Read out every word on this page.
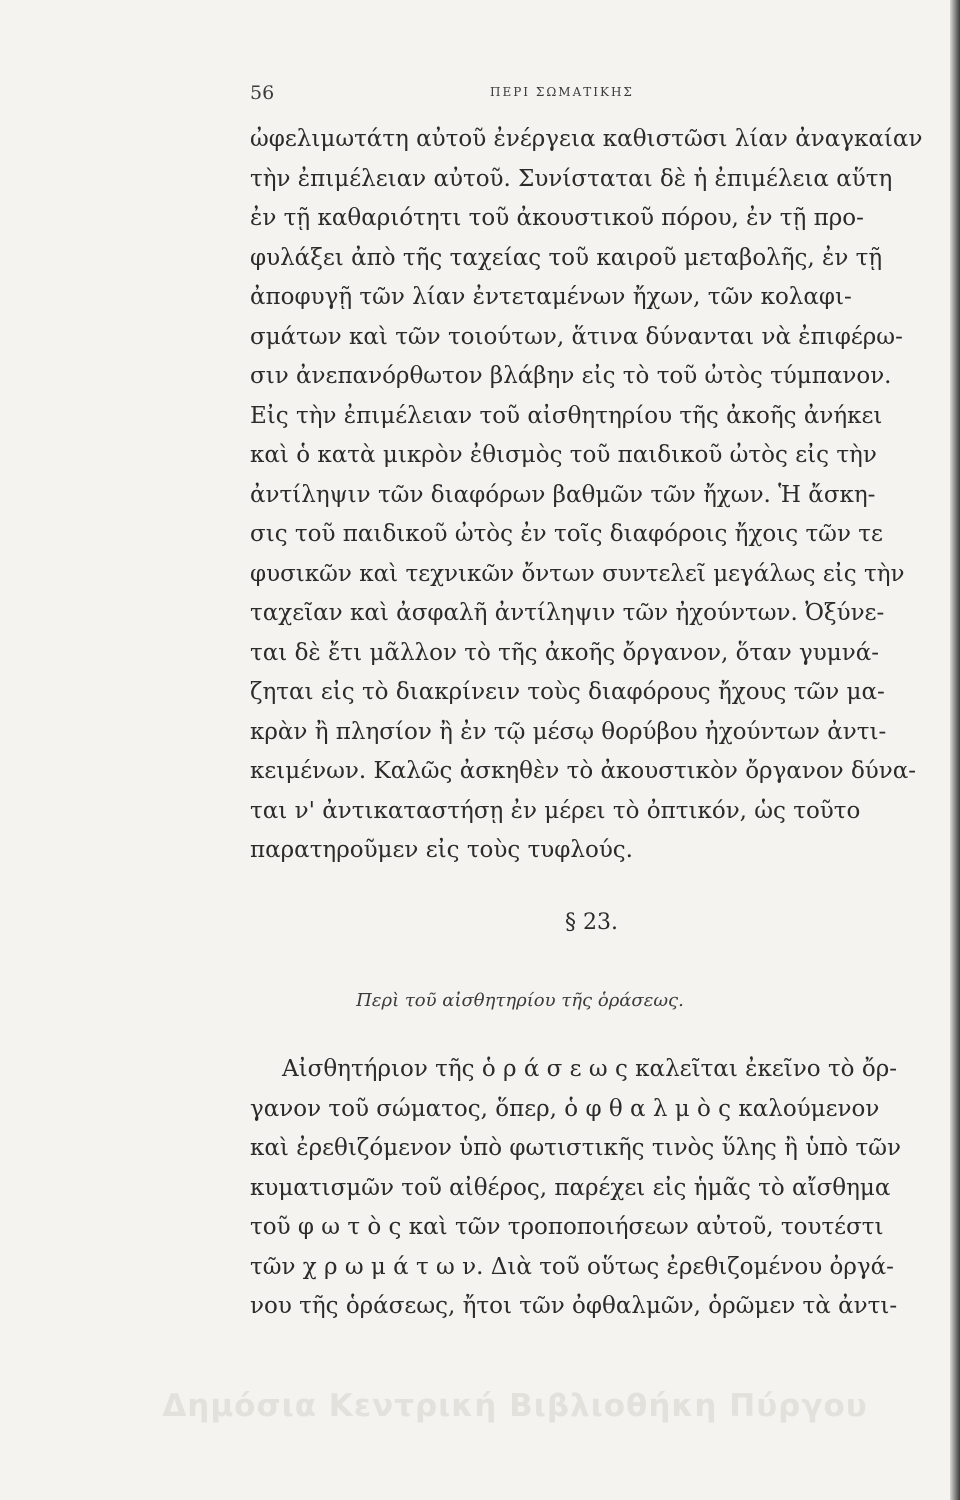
56	ΠΕΡΙ ΣΩΜΑΤΙΚΗΣ
ὠφελιμωτάτη αὐτοῦ ἐνέργεια καθιστῶσι λίαν ἀναγκαίαν
τὴν ἐπιμέλειαν αὐτοῦ. Συνίσταται δὲ ἡ ἐπιμέλεια αὕτη
ἐν τῇ καθαριότητι τοῦ ἀκουστικοῦ πόρου, ἐν τῇ προ-
φυλάξει ἀπὸ τῆς ταχείας τοῦ καιροῦ μεταβολῆς, ἐν τῇ
ἀποφυγῇ τῶν λίαν ἐντεταμένων ἤχων, τῶν κολαφι-
σμάτων καὶ τῶν τοιούτων, ἅτινα δύνανται νὰ ἐπιφέρω-
σιν ἀνεπανόρθωτον βλάβην εἰς τὸ τοῦ ὠτὸς τύμπανον.
Εἰς τὴν ἐπιμέλειαν τοῦ αἰσθητηρίου τῆς ἀκοῆς ἀνήκει
καὶ ὁ κατὰ μικρὸν ἐθισμὸς τοῦ παιδικοῦ ὠτὸς εἰς τὴν
ἀντίληψιν τῶν διαφόρων βαθμῶν τῶν ἤχων. Ἡ ἄσκη-
σις τοῦ παιδικοῦ ὠτὸς ἐν τοῖς διαφόροις ἤχοις τῶν τε
φυσικῶν καὶ τεχνικῶν ὄντων συντελεῖ μεγάλως εἰς τὴν
ταχεῖαν καὶ ἀσφαλῆ ἀντίληψιν τῶν ἠχούντων. Ὀξύνε-
ται δὲ ἔτι μᾶλλον τὸ τῆς ἀκοῆς ὄργανον, ὅταν γυμνά-
ζηται εἰς τὸ διακρίνειν τοὺς διαφόρους ἤχους τῶν μα-
κρὰν ἢ πλησίον ἢ ἐν τῷ μέσῳ θορύβου ἠχούντων ἀντι-
κειμένων. Καλῶς ἀσκηθὲν τὸ ἀκουστικὸν ὄργανον δύνα-
ται ν' ἀντικαταστήσῃ ἐν μέρει τὸ ὀπτικόν, ὡς τοῦτο
παρατηροῦμεν εἰς τοὺς τυφλούς.
§ 23.
Περὶ τοῦ αἰσθητηρίου τῆς ὁράσεως.
Αἰσθητήριον τῆς ὁ ρ ά σ ε ω ς καλεῖται ἐκεῖνο τὸ ὄρ-
γανον τοῦ σώματος, ὅπερ, ὁ φ θ α λ μ ὸ ς καλούμενον
καὶ ἐρεθιζόμενον ὑπὸ φωτιστικῆς τινὸς ὕλης ἢ ὑπὸ τῶν
κυματισμῶν τοῦ αἰθέρος, παρέχει εἰς ἡμᾶς τὸ αἴσθημα
τοῦ φ ω τ ὸ ς καὶ τῶν τροποποιήσεων αὐτοῦ, τουτέστι
τῶν χ ρ ω μ ά τ ω ν. Διὰ τοῦ οὕτως ἐρεθιζομένου ὀργά-
νου τῆς ὁράσεως, ἤτοι τῶν ὀφθαλμῶν, ὁρῶμεν τὰ ἀντι-
Δημόσια Κεντρική Βιβλιοθήκη Πύργου
